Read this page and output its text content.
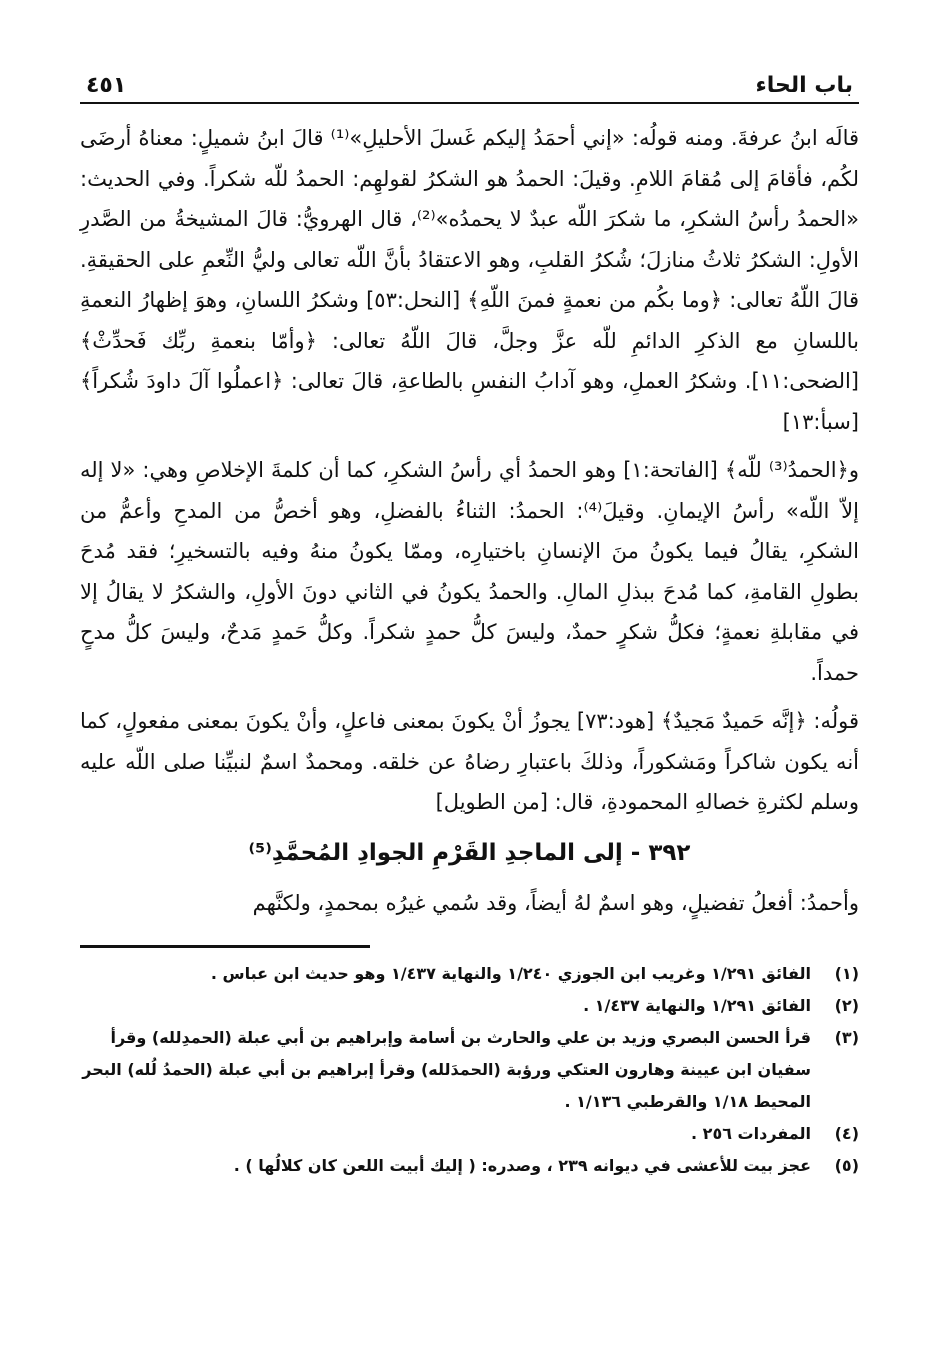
باب الحاء
٤٥١

قالَه ابنُ عرفةَ. ومنه قولُه: «إني أحمَدُ إليكم غَسلَ الأحليلِ»⁽¹⁾ قالَ ابنُ شميلٍ: معناهُ أرضَى لكُم، فأقامَ إلى مُقامَ اللامِ. وقيلَ: الحمدُ هو الشكرُ لقولهِم: الحمدُ للّه شكراً. وفي الحديث: «الحمدُ رأسُ الشكرِ، ما شكرَ اللّه عبدٌ لا يحمدُه»⁽²⁾، قال الهرويُّ: قالَ المشيخةُ من الصَّدرِ الأولِ: الشكرُ ثلاثُ منازلَ؛ شُكرُ القلبِ، وهو الاعتقادُ بأنَّ اللّه تعالى وليُّ النِّعمِ على الحقيقةِ. قالَ اللّهُ تعالى: ﴿وما بكُم من نعمةٍ فمنَ اللّهِ﴾ [النحل:٥٣] وشكرُ اللسانِ، وهوَ إظهارُ النعمةِ باللسانِ مع الذكرِ الدائمِ للّه عزَّ وجلَّ، قالَ اللّهُ تعالى: ﴿وأمّا بنعمةِ ربِّك فَحدِّثْ﴾ [الضحى:١١]. وشكرُ العملِ، وهو آدابُ النفسِ بالطاعةِ، قالَ تعالى: ﴿اعملُوا آلَ داودَ شُكراً﴾ [سبأ:١٣]

و﴿الحمدُ⁽³⁾ للّه﴾ [الفاتحة:١] وهو الحمدُ أي رأسُ الشكرِ، كما أن كلمةَ الإخلاصِ وهي: «لا إله إلاّ اللّه» رأسُ الإيمانِ. وقيلَ⁽⁴⁾: الحمدُ: الثناءُ بالفضلِ، وهو أخصُّ من المدحِ وأعمُّ من الشكرِ، يقالُ فيما يكونُ منَ الإنسانِ باختيارِه، وممّا يكونُ منهُ وفيه بالتسخيرِ؛ فقد مُدحَ بطولِ القامةِ، كما مُدحَ ببذلِ المالِ. والحمدُ يكونُ في الثاني دونَ الأولِ، والشكرُ لا يقالُ إلا في مقابلةِ نعمةٍ؛ فكلُّ شكرٍ حمدٌ، وليسَ كلُّ حمدٍ شكراً. وكلُّ حَمدٍ مَدحٌ، وليسَ كلُّ مدحٍ حمداً.

قولُه: ﴿إنَّه حَميدٌ مَجيدٌ﴾ [هود:٧٣] يجوزُ أنْ يكونَ بمعنى فاعلٍ، وأنْ يكونَ بمعنى مفعولٍ، كما أنه يكون شاكراً ومَشكوراً، وذلكَ باعتبارِ رضاهُ عن خلقه. ومحمدٌ اسمٌ لنبيِّنا صلى اللّه عليه وسلم لكثرةِ خصالهِ المحمودةِ، قال: [من الطويل]

٣٩٢ - إلى الماجدِ القَرْمِ الجوادِ المُحمَّدِ⁽⁵⁾

وأحمدُ: أفعلُ تفضيلٍ، وهو اسمٌ لهُ أيضاً، وقد سُمي غيرُه بمحمدٍ، ولكنَّهم

(١)
الفائق ١/٢٩١ وغريب ابن الجوزي ١/٢٤٠ والنهاية ١/٤٣٧ وهو حديث ابن عباس .
(٢)
الفائق ١/٢٩١ والنهاية ١/٤٣٧ .
(٣)
قرأ الحسن البصري وزيد بن علي والحارث بن أسامة وإبراهيم بن أبي عبلة (الحمدِلله) وقرأ سفيان ابن عيينة وهارون العتكي ورؤبة (الحمدَلله) وقرأ إبراهيم بن أبي عبلة (الحمدُ لُله) البحر المحيط ١/١٨ والقرطبي ١/١٣٦ .
(٤)
المفردات ٢٥٦ .
(٥)
عجز بيت للأعشى في ديوانه ٢٣٩ ، وصدره: ( إليك أبيت اللعن كان كلالُها ) .
